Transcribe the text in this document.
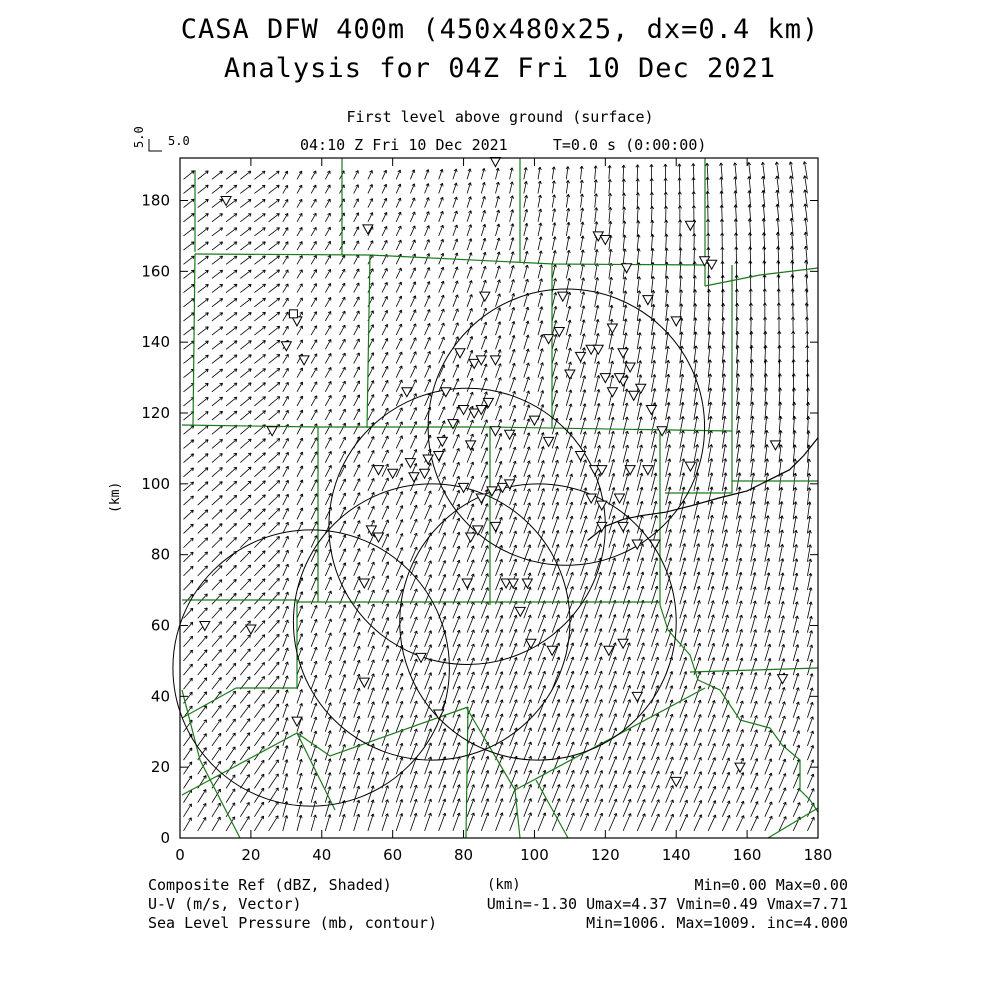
CASA DFW 400m (450x480x25, dx=0.4 km)
Analysis for 04Z Fri 10 Dec 2021
First level above ground (surface)
04:10 Z Fri 10 Dec 2021     T=0.0 s (0:00:00)
5.0 5.0
(km)
(km)
Composite Ref (dBZ, Shaded)	Min=0.00 Max=0.00
U-V (m/s, Vector)	Umin=-1.30 Umax=4.37 Vmin=0.49 Vmax=7.71
Sea Level Pressure (mb, contour)	Min=1006. Max=1009. inc=4.000
0	20	40	60	80	100	120	140	160	180
0
20
40
60
80
100
120
140
160
180
